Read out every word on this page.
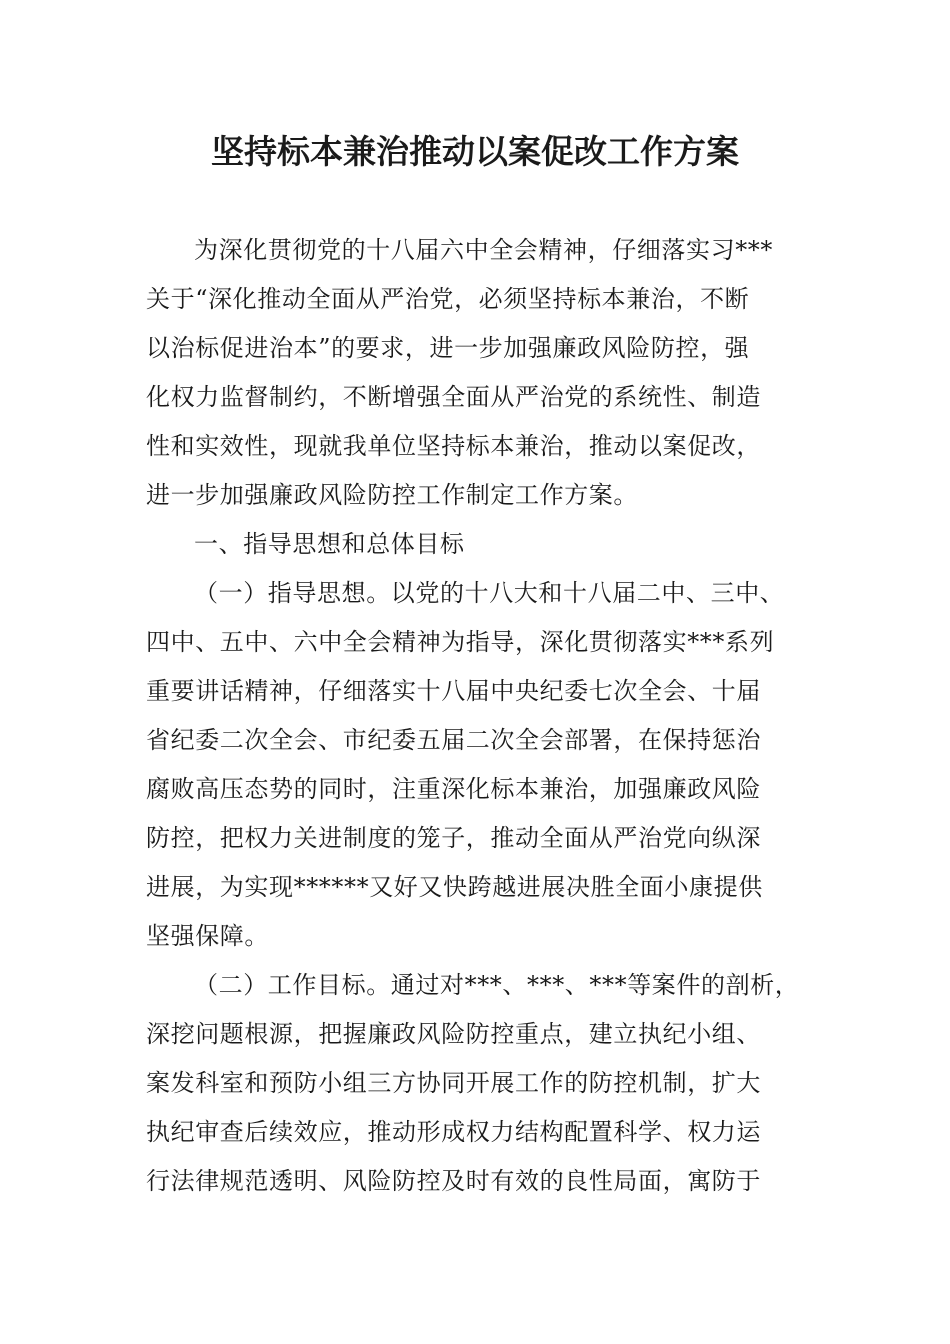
坚持标本兼治推动以案促改工作方案
为深化贯彻党的十八届六中全会精神，仔细落实习***
关于“深化推动全面从严治党，必须坚持标本兼治，不断
以治标促进治本”的要求，进一步加强廉政风险防控，强
化权力监督制约，不断增强全面从严治党的系统性、制造
性和实效性，现就我单位坚持标本兼治，推动以案促改，
进一步加强廉政风险防控工作制定工作方案。
一、指导思想和总体目标
（一）指导思想。以党的十八大和十八届二中、三中、
四中、五中、六中全会精神为指导，深化贯彻落实***系列
重要讲话精神，仔细落实十八届中央纪委七次全会、十届
省纪委二次全会、市纪委五届二次全会部署，在保持惩治
腐败高压态势的同时，注重深化标本兼治，加强廉政风险
防控，把权力关进制度的笼子，推动全面从严治党向纵深
进展，为实现******又好又快跨越进展决胜全面小康提供
坚强保障。
（二）工作目标。通过对***、***、***等案件的剖析，
深挖问题根源，把握廉政风险防控重点，建立执纪小组、
案发科室和预防小组三方协同开展工作的防控机制，扩大
执纪审查后续效应，推动形成权力结构配置科学、权力运
行法律规范透明、风险防控及时有效的良性局面，寓防于
